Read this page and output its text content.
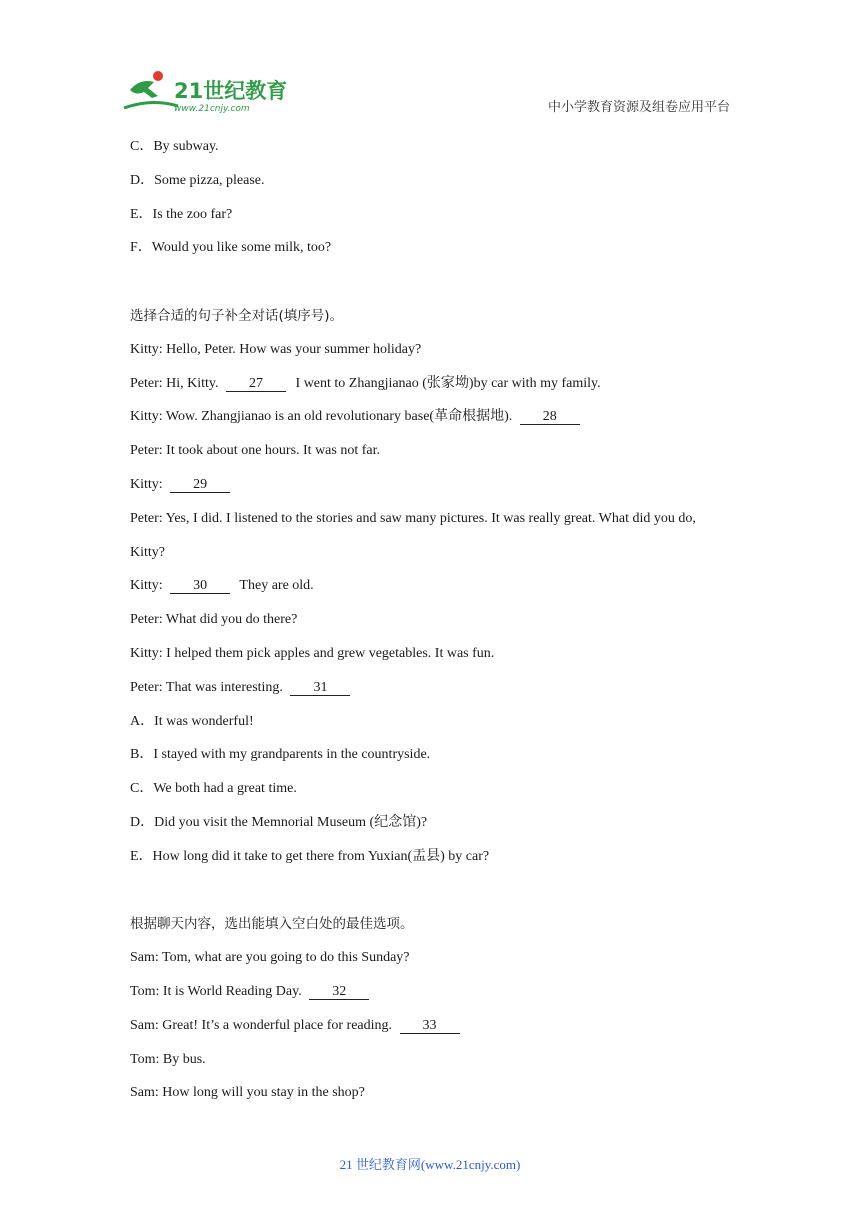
21世纪教育
www.21cnjy.com	中小学教育资源及组卷应用平台
C．By subway.
D．Some pizza, please.
E．Is the zoo far?
F．Would you like some milk, too?
选择合适的句子补全对话(填序号)。
Kitty: Hello, Peter. How was your summer holiday?
Peter: Hi, Kitty. 27 I went to Zhangjianao (张家坳)by car with my family.
Kitty: Wow. Zhangjianao is an old revolutionary base(革命根据地). 28
Peter: It took about one hours. It was not far.
Kitty: 29
Peter: Yes, I did. I listened to the stories and saw many pictures. It was really great. What did you do, Kitty?
Kitty: 30 They are old.
Peter: What did you do there?
Kitty: I helped them pick apples and grew vegetables. It was fun.
Peter: That was interesting. 31
A．It was wonderful!
B．I stayed with my grandparents in the countryside.
C．We both had a great time.
D．Did you visit the Memnorial Museum (纪念馆)?
E．How long did it take to get there from Yuxian(盂县) by car?
根据聊天内容，选出能填入空白处的最佳选项。
Sam: Tom, what are you going to do this Sunday?
Tom: It is World Reading Day. 32
Sam: Great! It’s a wonderful place for reading. 33
Tom: By bus.
Sam: How long will you stay in the shop?
21 世纪教育网(www.21cnjy.com)
